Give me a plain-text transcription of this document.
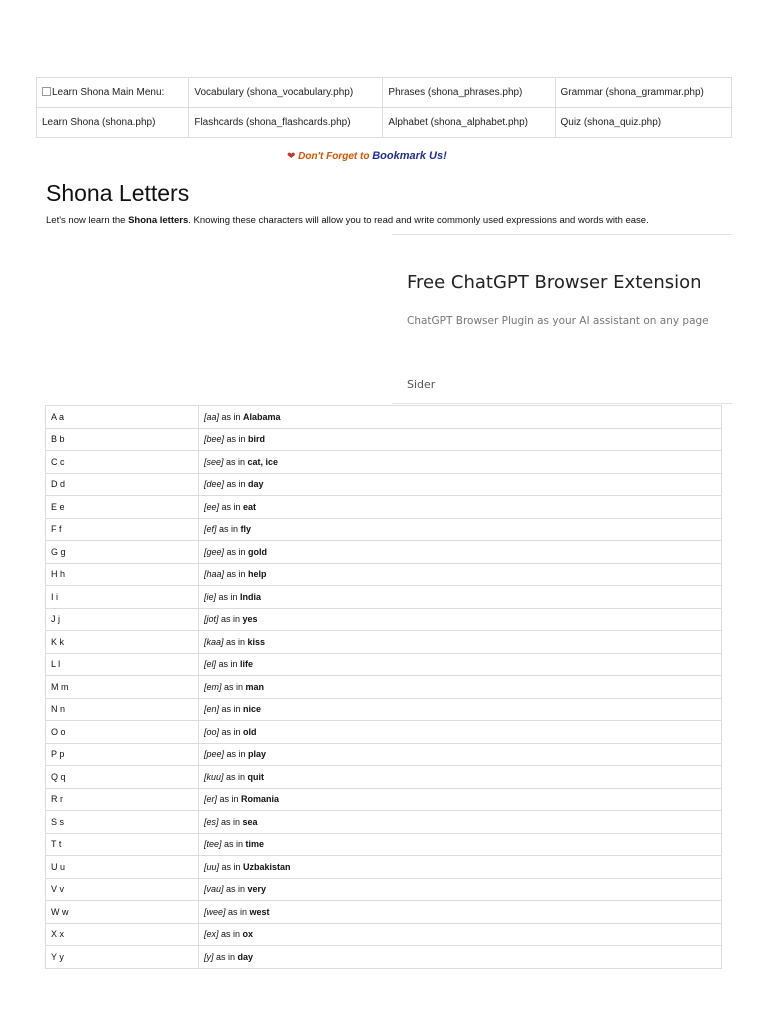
Learn Shona Main Menu:	Vocabulary (shona_vocabulary.php)	Phrases (shona_phrases.php)	Grammar (shona_grammar.php)
Learn Shona (shona.php)	Flashcards (shona_flashcards.php)	Alphabet (shona_alphabet.php)	Quiz (shona_quiz.php)
❤ Don't Forget to Bookmark Us!
Shona Letters
Let's now learn the Shona letters. Knowing these characters will allow you to read and write commonly used expressions and words with ease.
Free ChatGPT Browser Extension
ChatGPT Browser Plugin as your AI assistant on any page
Sider
A a	[aa] as in Alabama
B b	[bee] as in bird
C c	[see] as in cat, ice
D d	[dee] as in day
E e	[ee] as in eat
F f	[ef] as in fly
G g	[gee] as in gold
H h	[haa] as in help
I i	[ie] as in India
J j	[jot] as in yes
K k	[kaa] as in kiss
L l	[el] as in life
M m	[em] as in man
N n	[en] as in nice
O o	[oo] as in old
P p	[pee] as in play
Q q	[kuu] as in quit
R r	[er] as in Romania
S s	[es] as in sea
T t	[tee] as in time
U u	[uu] as in Uzbakistan
V v	[vau] as in very
W w	[wee] as in west
X x	[ex] as in ox
Y y	[y] as in day
